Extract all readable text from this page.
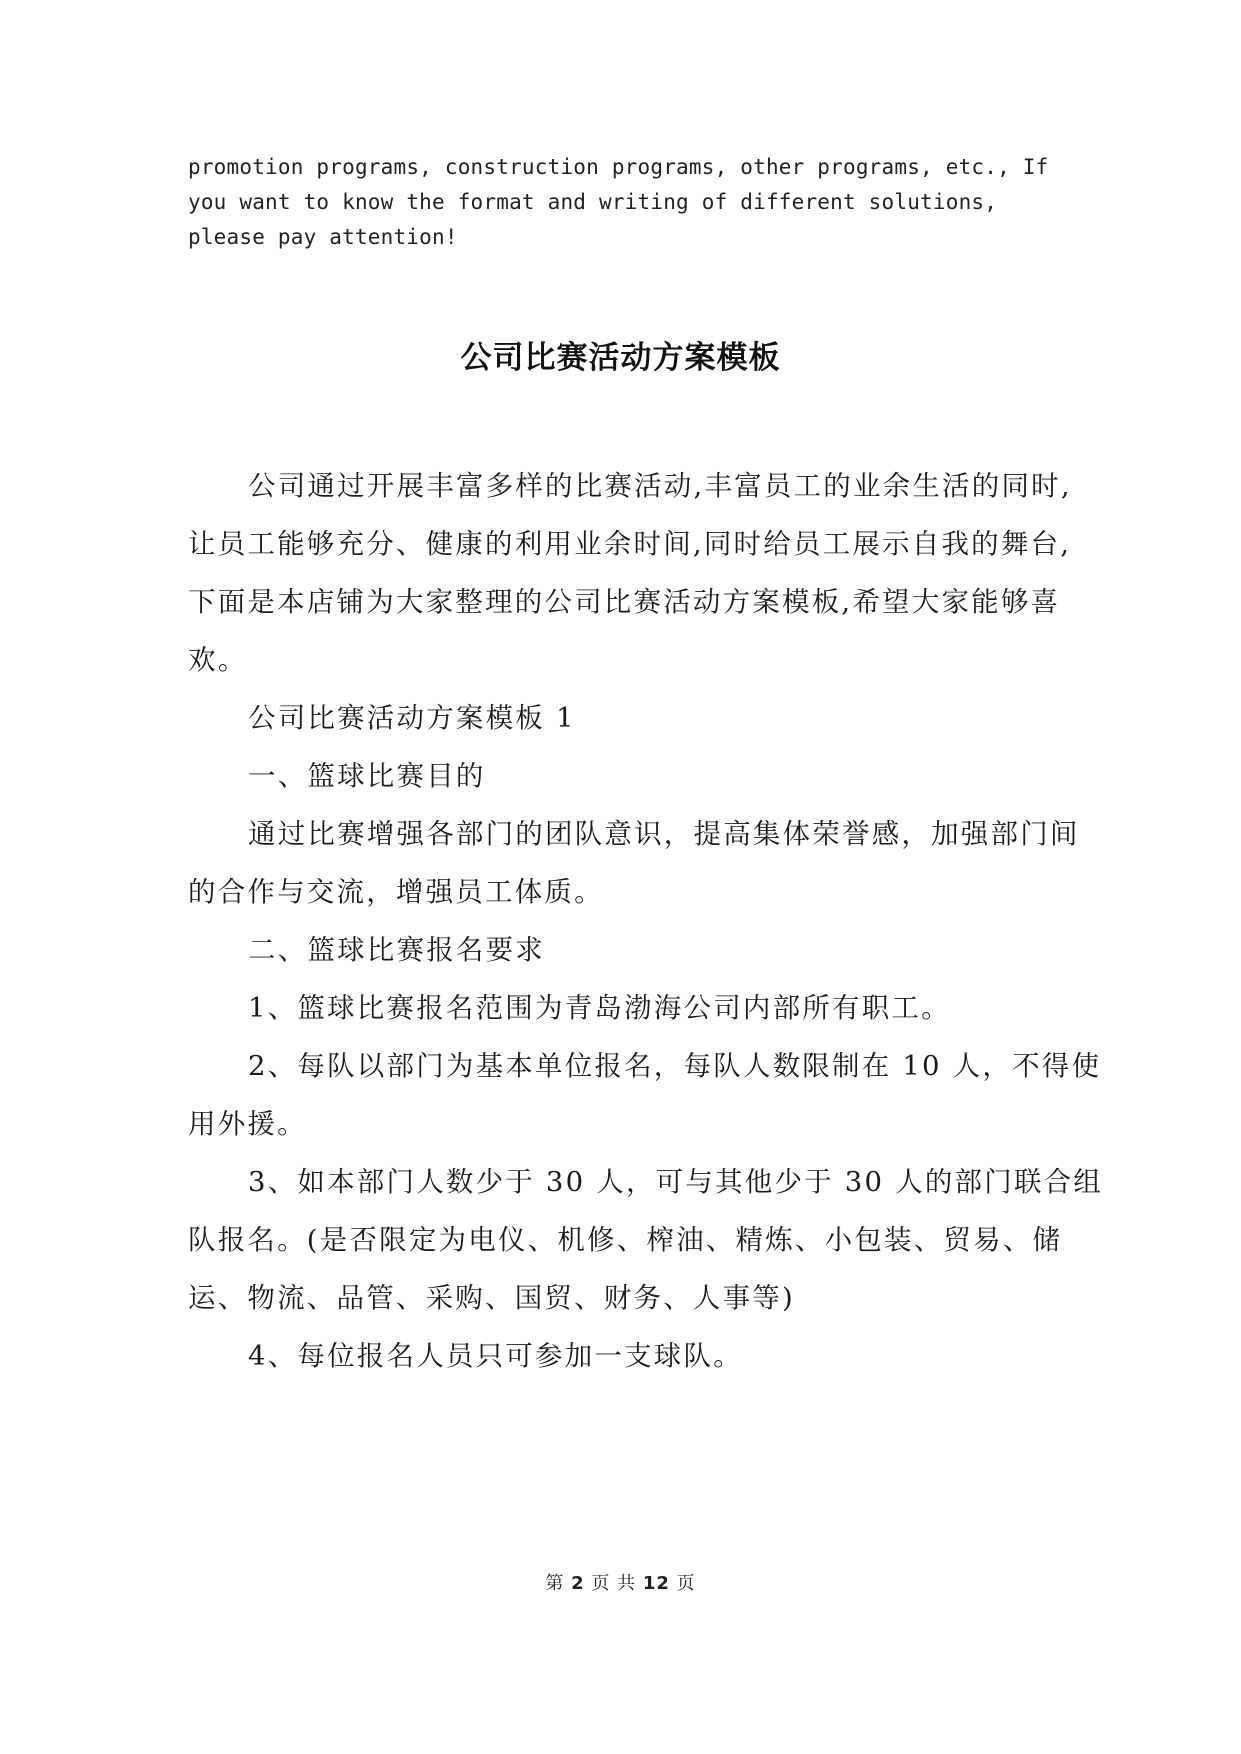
promotion programs, construction programs, other programs, etc., If
you want to know the format and writing of different solutions,
please pay attention!
公司比赛活动方案模板
公司通过开展丰富多样的比赛活动,丰富员工的业余生活的同时,
让员工能够充分、健康的利用业余时间,同时给员工展示自我的舞台,
下面是本店铺为大家整理的公司比赛活动方案模板,希望大家能够喜
欢。
公司比赛活动方案模板 1
一、篮球比赛目的
通过比赛增强各部门的团队意识，提高集体荣誉感，加强部门间
的合作与交流，增强员工体质。
二、篮球比赛报名要求
1、篮球比赛报名范围为青岛渤海公司内部所有职工。
2、每队以部门为基本单位报名，每队人数限制在 10 人，不得使
用外援。
3、如本部门人数少于 30 人，可与其他少于 30 人的部门联合组
队报名。(是否限定为电仪、机修、榨油、精炼、小包装、贸易、储
运、物流、品管、采购、国贸、财务、人事等)
4、每位报名人员只可参加一支球队。
第 2 页 共 12 页
